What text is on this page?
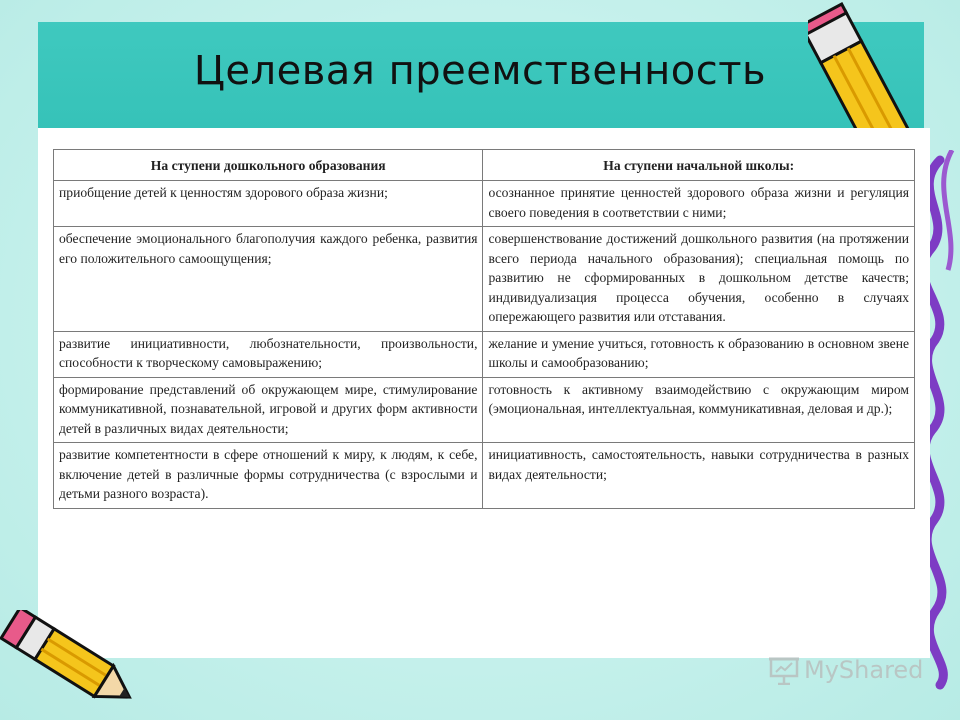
Целевая преемственность
На ступени дошкольного образования	На ступени начальной школы:
приобщение детей к ценностям здорового образа жизни;	осознанное принятие ценностей здорового образа жизни и регуляция своего поведения в соответствии с ними;
обеспечение эмоционального благополучия каждого ребенка, развития его положительного самоощущения;	совершенствование достижений дошкольного развития (на протяжении всего периода начального образования); специальная помощь по развитию не сформированных в дошкольном детстве качеств; индивидуализация процесса обучения, особенно в случаях опережающего развития или отставания.
развитие инициативности, любознательности, произвольности, способности к творческому самовыражению;	желание и умение учиться, готовность к образованию в основном звене школы и самообразованию;
формирование представлений об окружающем мире, стимулирование коммуникативной, познавательной, игровой и других форм активности детей в различных видах деятельности;	готовность к активному взаимодействию с окружающим миром (эмоциональная, интеллектуальная, коммуникативная, деловая и др.);
развитие компетентности в сфере отношений к миру, к людям, к себе, включение детей в различные формы сотрудничества (с взрослыми и детьми разного возраста).	инициативность, самостоятельность, навыки сотрудничества в разных видах деятельности;
MyShared
